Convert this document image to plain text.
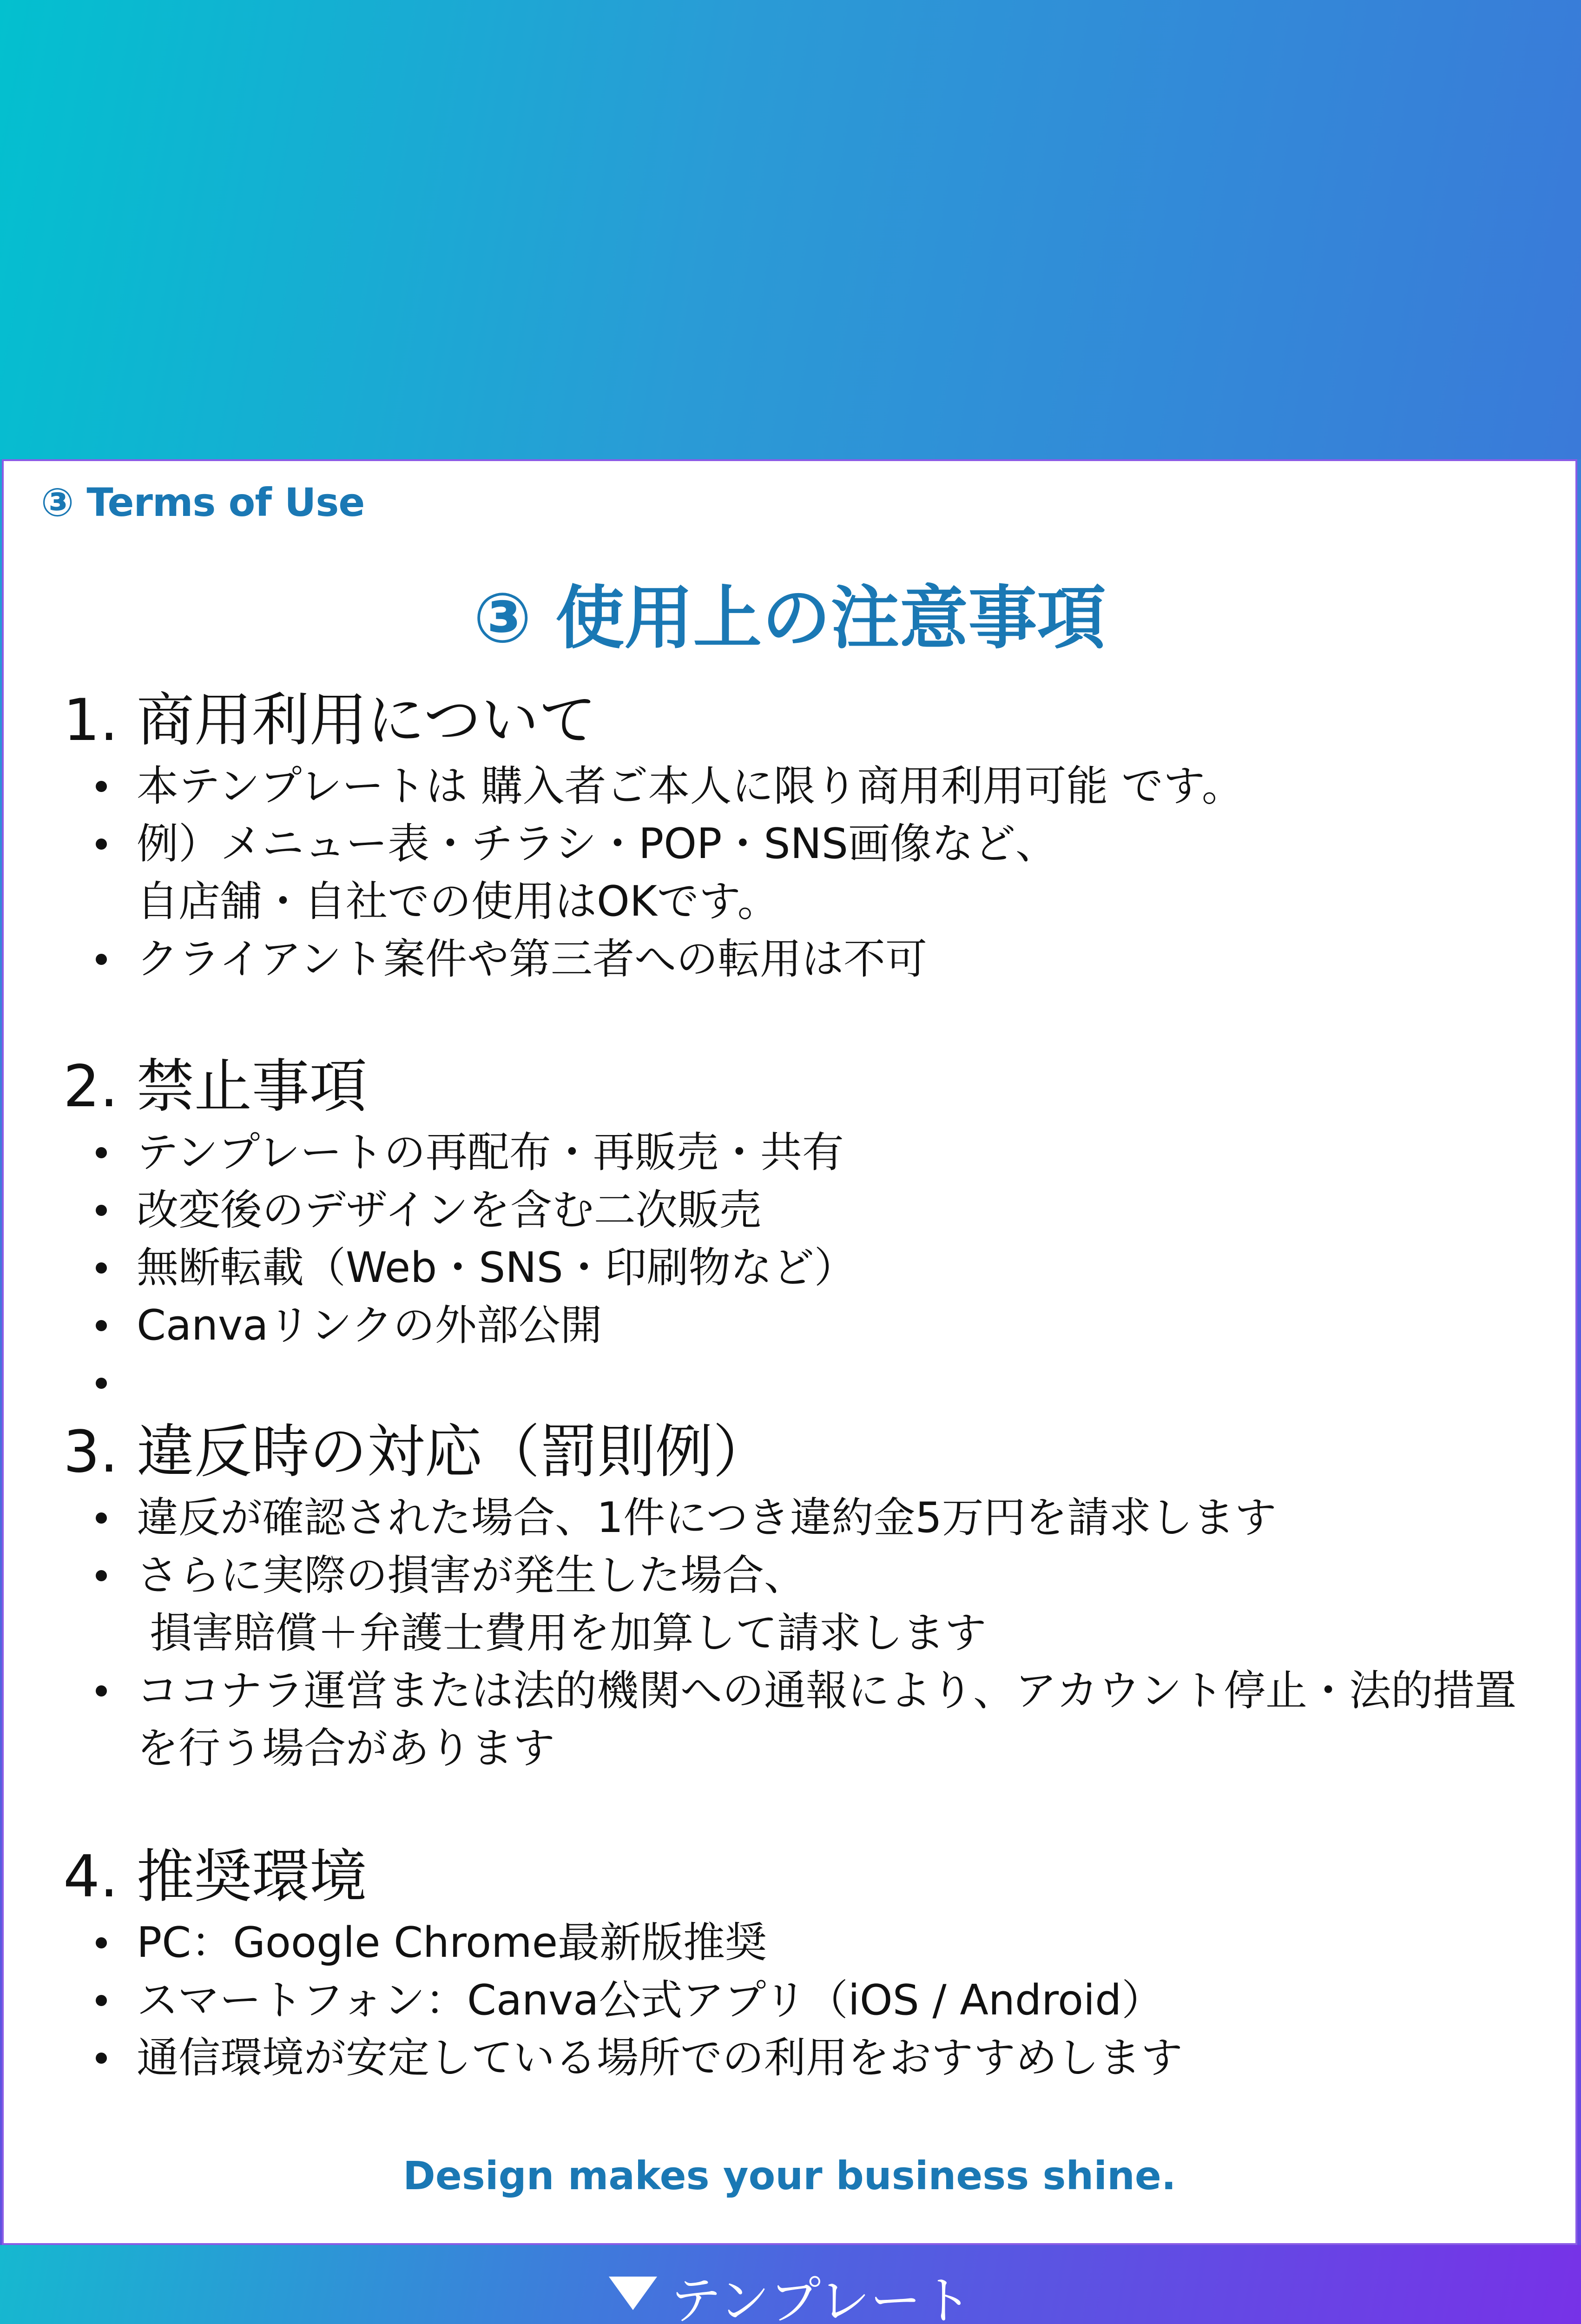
③ Terms of Use
③ 使用上の注意事項
1. 商用利用について
本テンプレートは 購入者ご本人に限り商用利用可能 です。
例）メニュー表・チラシ・POP・SNS画像など、
自店舗・自社での使用はOKです。
クライアント案件や第三者への転用は不可
2. 禁止事項
テンプレートの再配布・再販売・共有
改変後のデザインを含む二次販売
無断転載（Web・SNS・印刷物など）
Canvaリンクの外部公開

3. 違反時の対応（罰則例）
違反が確認された場合、1件につき違約金5万円を請求します
さらに実際の損害が発生した場合、
損害賠償＋弁護士費用を加算して請求します
ココナラ運営または法的機関への通報により、アカウント停止・法的措置
を行う場合があります
4. 推奨環境
PC：Google Chrome最新版推奨
スマートフォン：Canva公式アプリ（iOS / Android）
通信環境が安定している場所での利用をおすすめします
Design makes your business shine.
テンプレート
